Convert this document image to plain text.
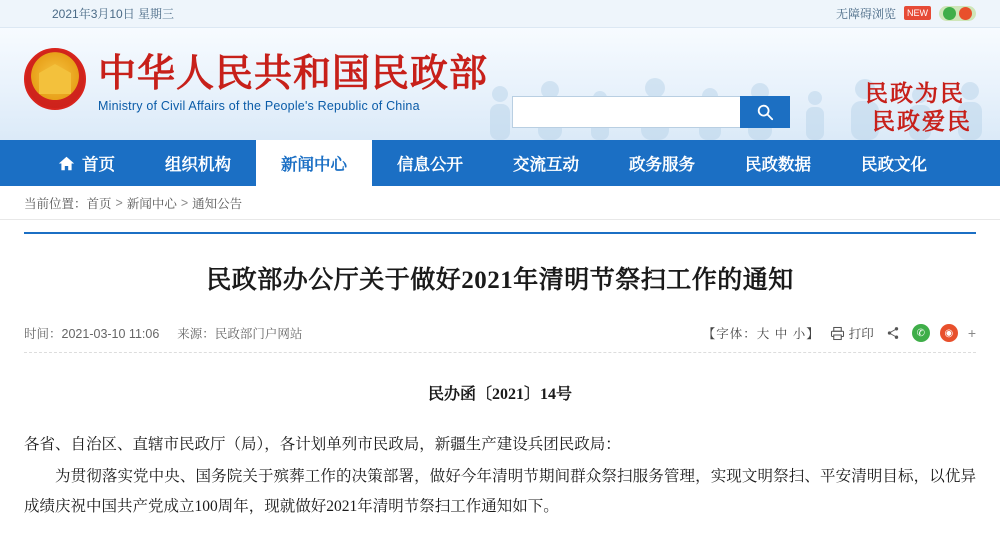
2021年3月10日 星期三	无障碍浏览	NEW
中华人民共和国民政部
Ministry of Civil Affairs of the People's Republic of China	民政为民
民政爱民
首页	组织机构	新闻中心	信息公开	交流互动	政务服务	民政数据	民政文化
当前位置： 首页 > 新闻中心 > 通知公告
民政部办公厅关于做好2021年清明节祭扫工作的通知
时间：2021-03-10 11:06 来源：民政部门户网站	【字体：大 中 小】 打印	✆	◉	+
民办函〔2021〕14号

各省、自治区、直辖市民政厅（局），各计划单列市民政局，新疆生产建设兵团民政局：

为贯彻落实党中央、国务院关于殡葬工作的决策部署，做好今年清明节期间群众祭扫服务管理，实现文明祭扫、平安清明目标，以优异成绩庆祝中国共产党成立100周年，现就做好2021年清明节祭扫工作通知如下。
